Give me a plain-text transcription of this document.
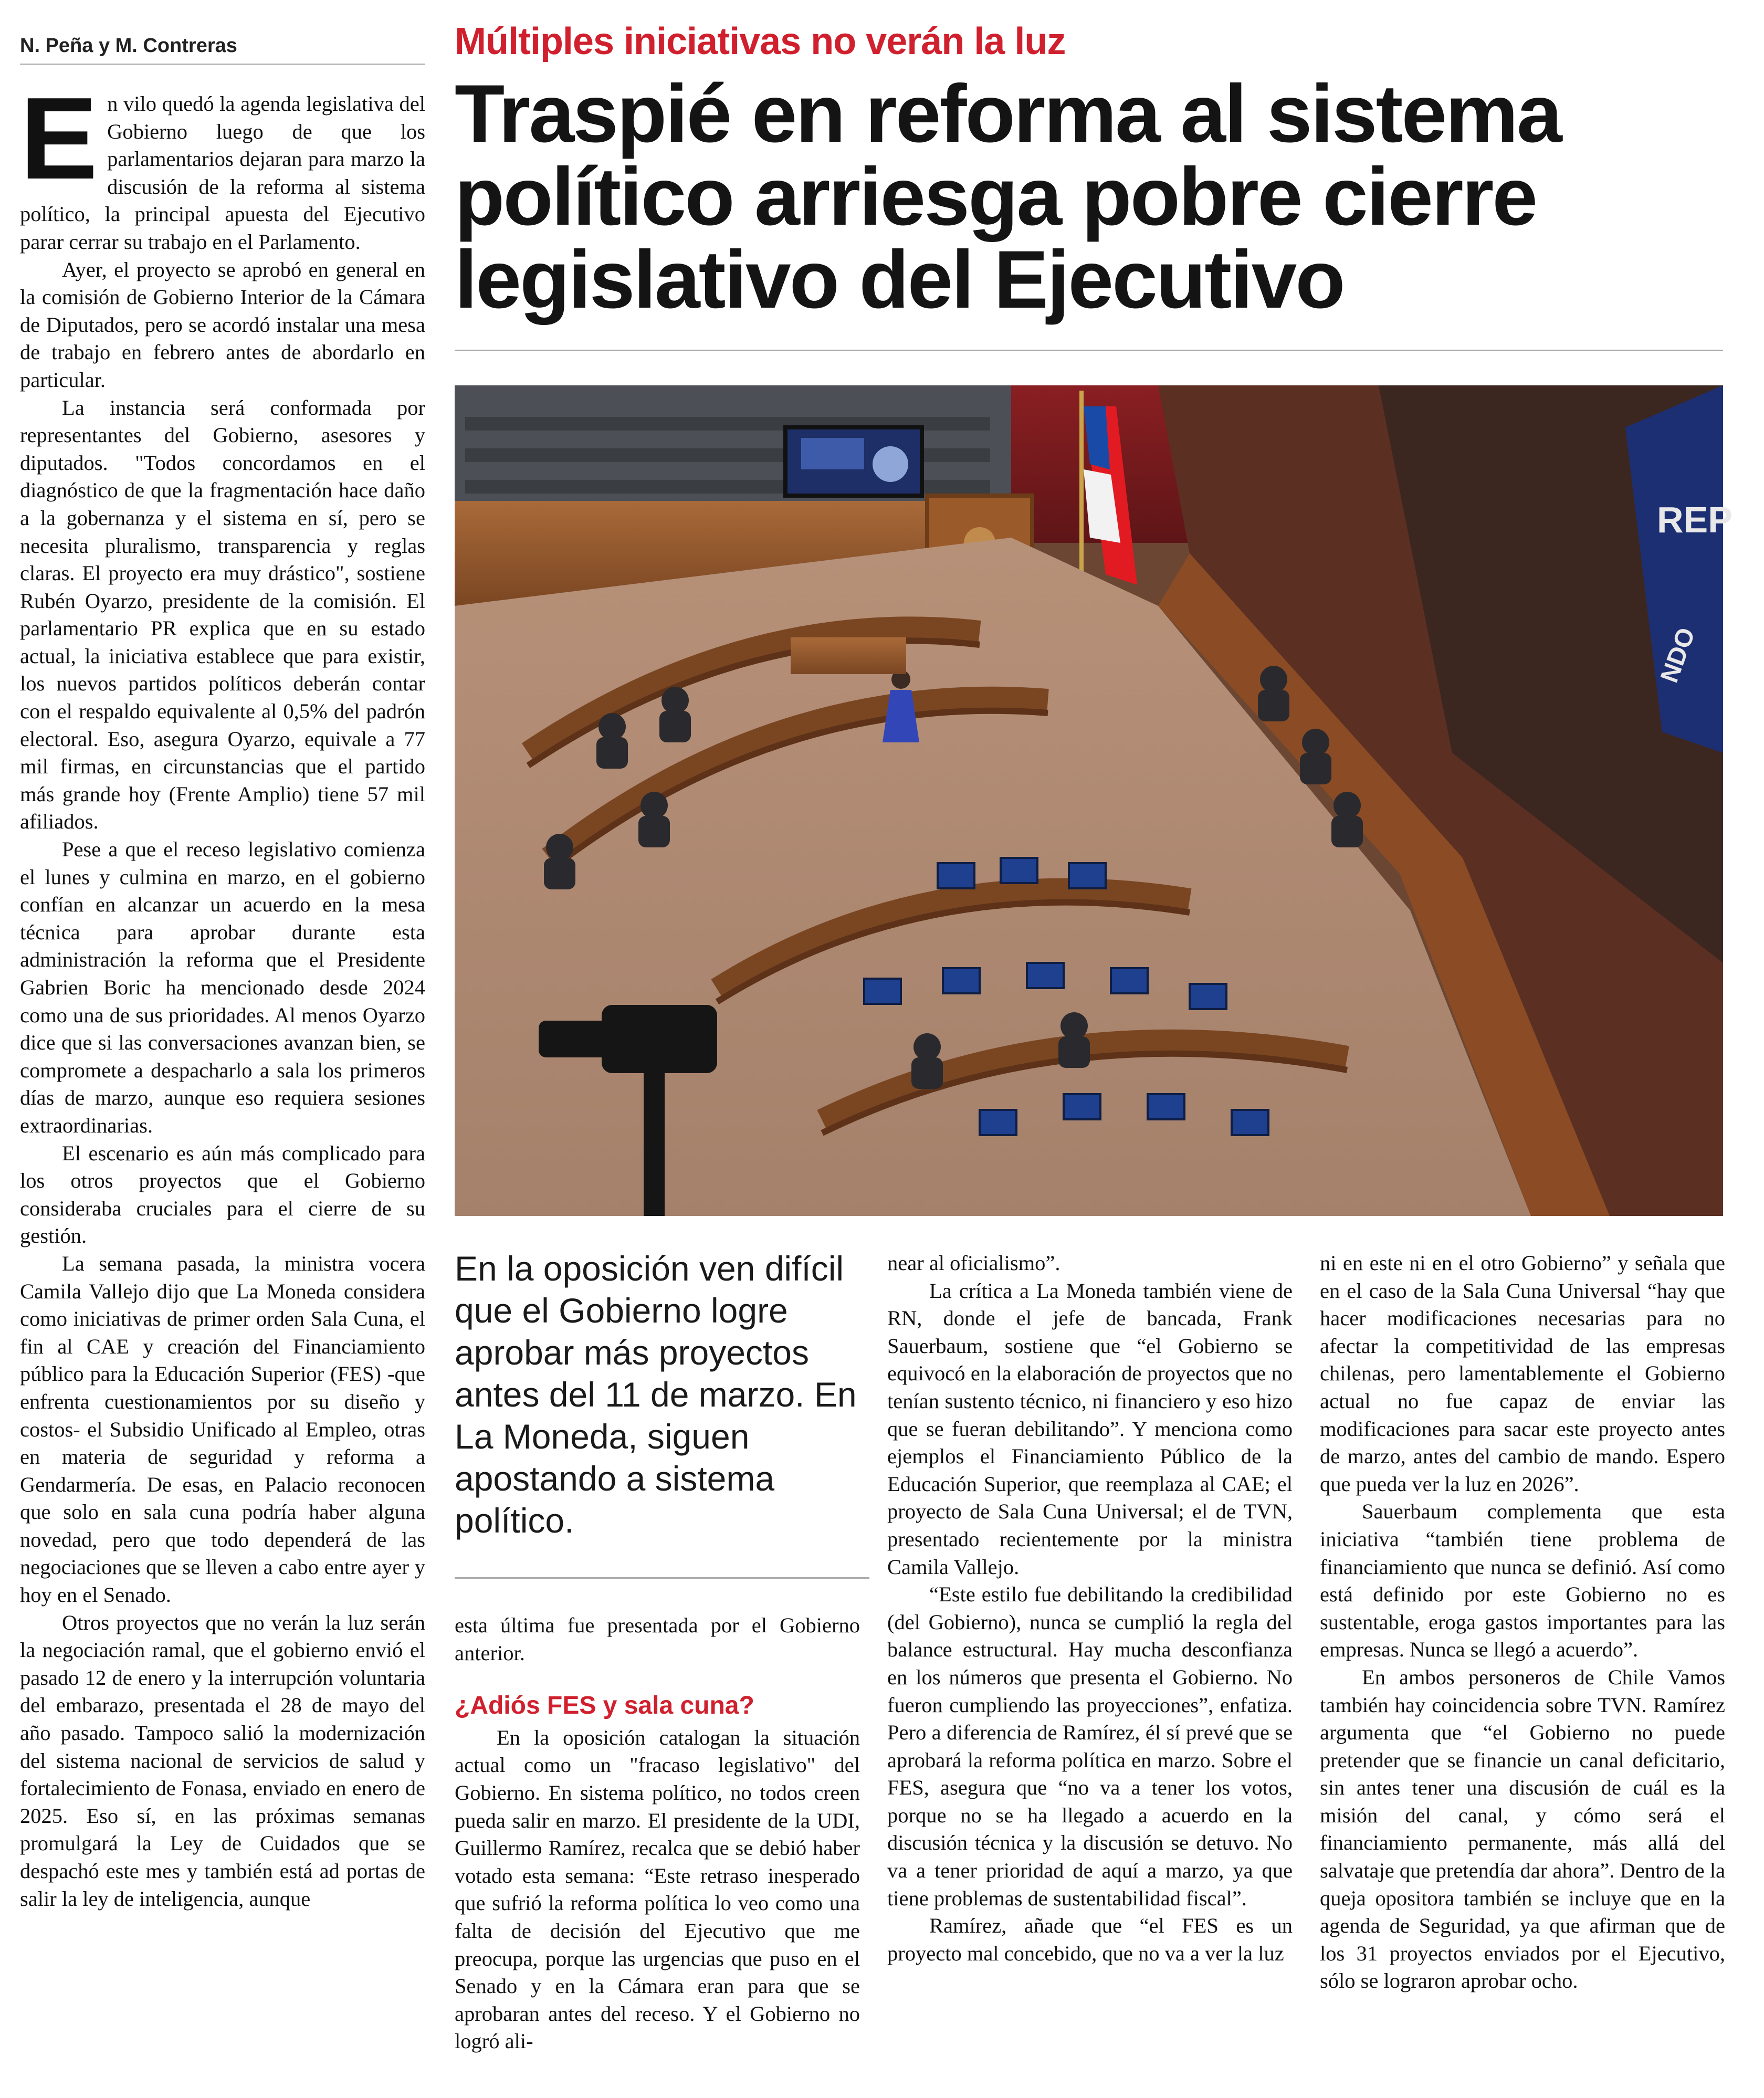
N. Peña y M. Contreras	Múltiples iniciativas no verán la luz
Traspié en reforma al sistema político arriesga pobre cierre legislativo del Ejecutivo

En vilo quedó la agenda legislativa del Gobierno luego de que los parlamentarios dejaran para marzo la discusión de la reforma al sistema político, la principal apuesta del Ejecutivo parar cerrar su trabajo en el Parlamento.

Ayer, el proyecto se aprobó en general en la comisión de Gobierno Interior de la Cámara de Diputados, pero se acordó instalar una mesa de trabajo en febrero antes de abordarlo en particular.

La instancia será conformada por representantes del Gobierno, asesores y diputados. "Todos concordamos en el diagnóstico de que la fragmentación hace daño a la gobernanza y el sistema en sí, pero se necesita pluralismo, transparencia y reglas claras. El proyecto era muy drástico", sostiene Rubén Oyarzo, presidente de la comisión. El parlamentario PR explica que en su estado actual, la iniciativa establece que para existir, los nuevos partidos políticos deberán contar con el respaldo equivalente al 0,5% del padrón electoral. Eso, asegura Oyarzo, equivale a 77 mil firmas, en circunstancias que el partido más grande hoy (Frente Amplio) tiene 57 mil afiliados.

Pese a que el receso legislativo comienza el lunes y culmina en marzo, en el gobierno confían en alcanzar un acuerdo en la mesa técnica para aprobar durante esta administración la reforma que el Presidente Gabrien Boric ha mencionado desde 2024 como una de sus prioridades. Al menos Oyarzo dice que si las conversaciones avanzan bien, se compromete a despacharlo a sala los primeros días de marzo, aunque eso requiera sesiones extraordinarias.

El escenario es aún más complicado para los otros proyectos que el Gobierno consideraba cruciales para el cierre de su gestión.

La semana pasada, la ministra vocera Camila Vallejo dijo que La Moneda considera como iniciativas de primer orden Sala Cuna, el fin al CAE y creación del Financiamiento público para la Educación Superior (FES) -que enfrenta cuestionamientos por su diseño y costos- el Subsidio Unificado al Empleo, otras en materia de seguridad y reforma a Gendarmería. De esas, en Palacio reconocen que solo en sala cuna podría haber alguna novedad, pero que todo dependerá de las negociaciones que se lleven a cabo entre ayer y hoy en el Senado.

Otros proyectos que no verán la luz serán la negociación ramal, que el gobierno envió el pasado 12 de enero y la interrupción voluntaria del embarazo, presentada el 28 de mayo del año pasado. Tampoco salió la modernización del sistema nacional de servicios de salud y fortalecimiento de Fonasa, enviado en enero de 2025. Eso sí, en las próximas semanas promulgará la Ley de Cuidados que se despachó este mes y también está ad portas de salir la ley de inteligencia, aunque

REP
NDO
En la oposición ven difícil que el Gobierno logre aprobar más proyectos antes del 11 de marzo. En La Moneda, siguen apostando a sistema político.

esta última fue presentada por el Gobierno anterior.

¿Adiós FES y sala cuna?

En la oposición catalogan la situación actual como un "fracaso legislativo" del Gobierno. En sistema político, no todos creen pueda salir en marzo. El presidente de la UDI, Guillermo Ramírez, recalca que se debió haber votado esta semana: “Este retraso inesperado que sufrió la reforma política lo veo como una falta de decisión del Ejecutivo que me preocupa, porque las urgencias que puso en el Senado y en la Cámara eran para que se aprobaran antes del receso. Y el Gobierno no logró ali-

near al oficialismo”.

La crítica a La Moneda también viene de RN, donde el jefe de bancada, Frank Sauerbaum, sostiene que “el Gobierno se equivocó en la elaboración de proyectos que no tenían sustento técnico, ni financiero y eso hizo que se fueran debilitando”. Y menciona como ejemplos el Financiamiento Público de la Educación Superior, que reemplaza al CAE; el proyecto de Sala Cuna Universal; el de TVN, presentado recientemente por la ministra Camila Vallejo.

“Este estilo fue debilitando la credibilidad (del Gobierno), nunca se cumplió la regla del balance estructural. Hay mucha desconfianza en los números que presenta el Gobierno. No fueron cumpliendo las proyecciones”, enfatiza. Pero a diferencia de Ramírez, él sí prevé que se aprobará la reforma política en marzo. Sobre el FES, asegura que “no va a tener los votos, porque no se ha llegado a acuerdo en la discusión técnica y la discusión se detuvo. No va a tener prioridad de aquí a marzo, ya que tiene problemas de sustentabilidad fiscal”.

Ramírez, añade que “el FES es un proyecto mal concebido, que no va a ver la luz

ni en este ni en el otro Gobierno” y señala que en el caso de la Sala Cuna Universal “hay que hacer modificaciones necesarias para no afectar la competitividad de las empresas chilenas, pero lamentablemente el Gobierno actual no fue capaz de enviar las modificaciones para sacar este proyecto antes de marzo, antes del cambio de mando. Espero que pueda ver la luz en 2026”.

Sauerbaum complementa que esta iniciativa “también tiene problema de financiamiento que nunca se definió. Así como está definido por este Gobierno no es sustentable, eroga gastos importantes para las empresas. Nunca se llegó a acuerdo”.

En ambos personeros de Chile Vamos también hay coincidencia sobre TVN. Ramírez argumenta que “el Gobierno no puede pretender que se financie un canal deficitario, sin antes tener una discusión de cuál es la misión del canal, y cómo será el financiamiento permanente, más allá del salvataje que pretendía dar ahora”. Dentro de la queja opositora también se incluye que en la agenda de Seguridad, ya que afirman que de los 31 proyectos enviados por el Ejecutivo, sólo se lograron aprobar ocho.
